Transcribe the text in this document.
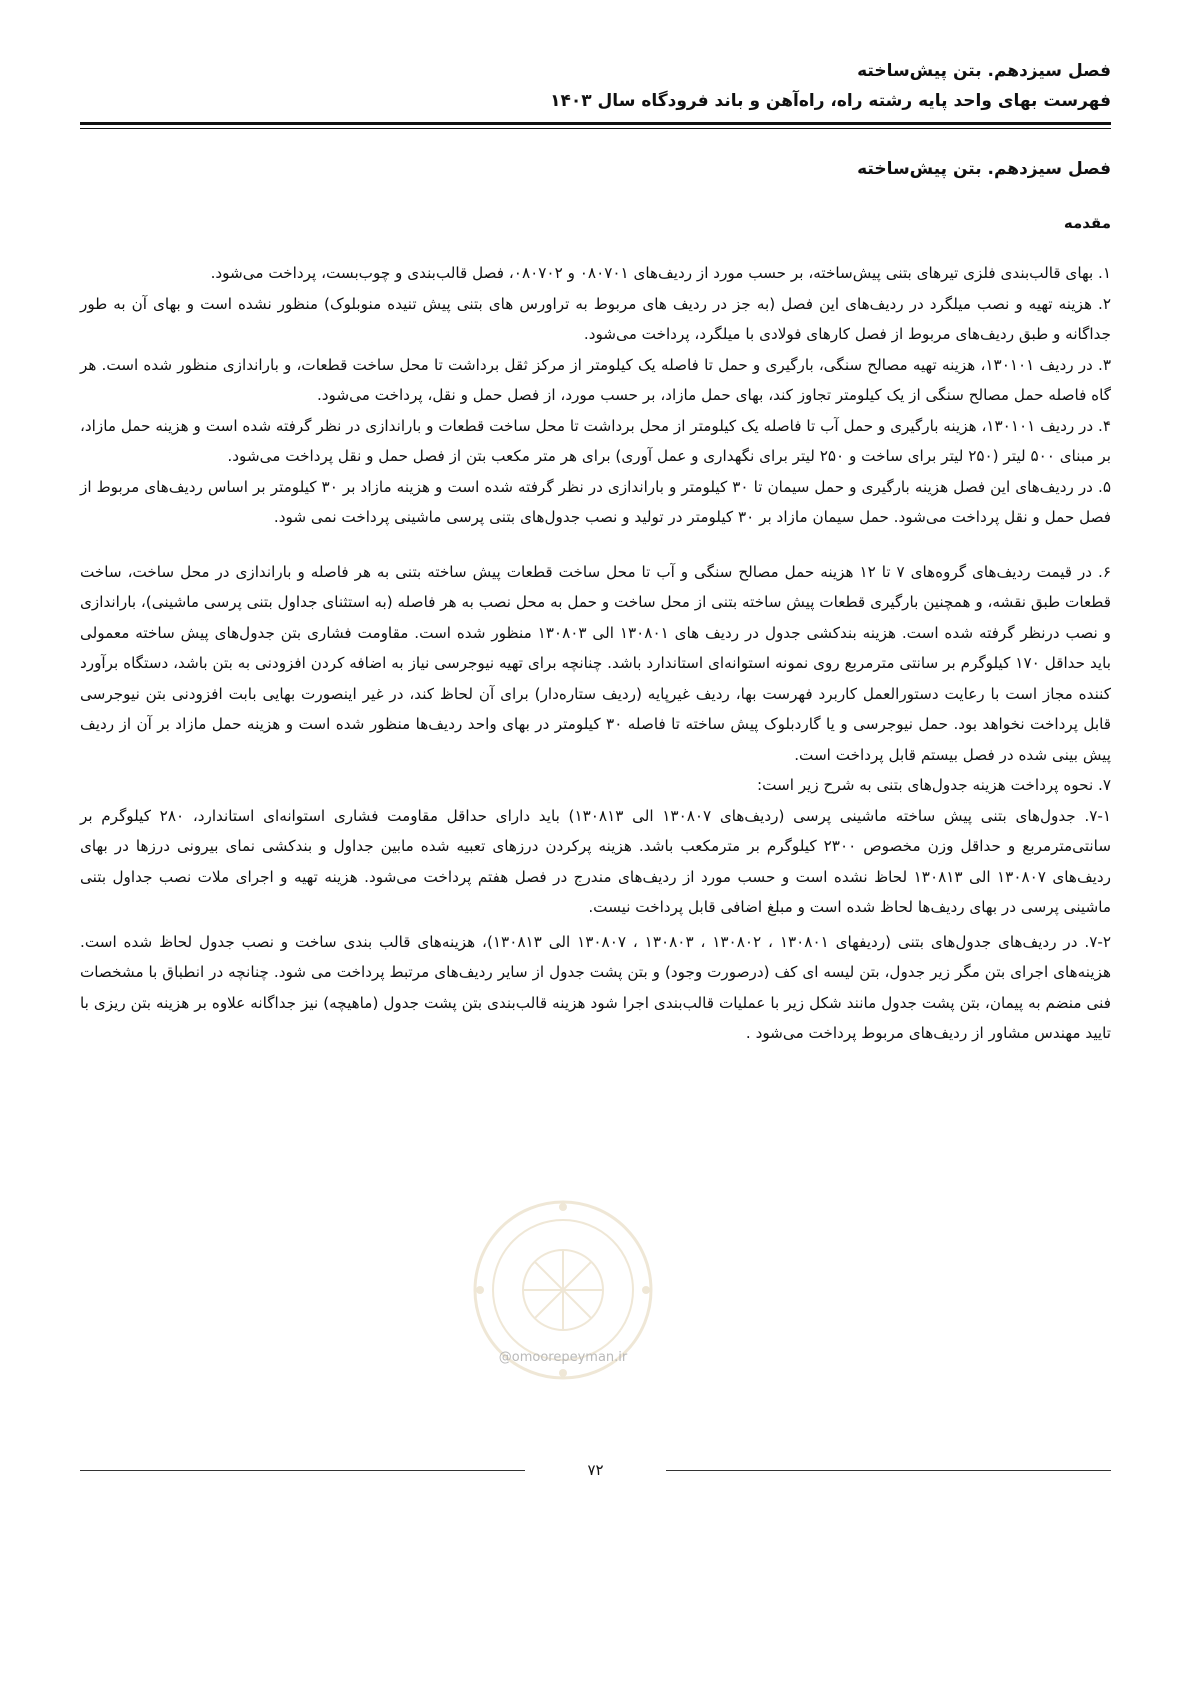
فصل سیزدهم. بتن پیش‌ساخته
فهرست بهای واحد پایه رشته راه، راه‌آهن و باند فرودگاه سال ۱۴۰۳
فصل سیزدهم. بتن پیش‌ساخته
مقدمه

۱. بهای قالب‌بندی فلزی تیرهای بتنی پیش‌ساخته، بر حسب مورد از ردیف‌های ۰۸۰۷۰۱ و ۰۸۰۷۰۲، فصل قالب‌بندی و چوب‌بست، پرداخت می‌شود.

۲. هزینه تهیه و نصب میلگرد در ردیف‌های این فصل (به جز در ردیف های مربوط به تراورس های بتنی پیش تنیده منوبلوک) منظور نشده است و بهای آن به طور جداگانه و طبق ردیف‌های مربوط از فصل کارهای فولادی با میلگرد، پرداخت می‌شود.

۳. در ردیف ۱۳۰۱۰۱، هزینه تهیه مصالح سنگی، بارگیری و حمل تا فاصله یک کیلومتر از مرکز ثقل برداشت تا محل ساخت قطعات، و باراندازی منظور شده است. هر گاه فاصله حمل مصالح سنگی از یک کیلومتر تجاوز کند، بهای حمل مازاد، بر حسب مورد، از فصل حمل و نقل، پرداخت می‌شود.

۴. در ردیف ۱۳۰۱۰۱، هزینه بارگیری و حمل آب تا فاصله یک کیلومتر از محل برداشت تا محل ساخت قطعات و باراندازی در نظر گرفته شده است و هزینه حمل مازاد، بر مبنای ۵۰۰ لیتر (۲۵۰ لیتر برای ساخت و ۲۵۰ لیتر برای نگهداری و عمل آوری) برای هر متر مکعب بتن از فصل حمل و نقل پرداخت می‌شود.

۵. در ردیف‌های این فصل هزینه بارگیری و حمل سیمان تا ۳۰ کیلومتر و باراندازی در نظر گرفته شده است و هزینه مازاد بر ۳۰ کیلومتر بر اساس ردیف‌های مربوط از فصل حمل و نقل پرداخت می‌شود. حمل سیمان مازاد بر ۳۰ کیلومتر در تولید و نصب جدول‌های بتنی پرسی ماشینی پرداخت نمی شود.

۶. در قیمت ردیف‌های گروه‌های ۷ تا ۱۲ هزینه حمل مصالح سنگی و آب تا محل ساخت قطعات پیش ساخته بتنی به هر فاصله و باراندازی در محل ساخت، ساخت قطعات طبق نقشه، و همچنین بارگیری قطعات پیش ساخته بتنی از محل ساخت و حمل به محل نصب به هر فاصله (به استثنای جداول بتنی پرسی ماشینی)، باراندازی و نصب درنظر گرفته شده است. هزینه بندکشی جدول در ردیف های ۱۳۰۸۰۱ الی ۱۳۰۸۰۳ منظور شده است. مقاومت فشاری بتن جدول‌های پیش ساخته معمولی باید حداقل ۱۷۰ کیلوگرم بر سانتی مترمربع روی نمونه استوانه‌ای استاندارد باشد. چنانچه برای تهیه نیوجرسی نیاز به اضافه کردن افزودنی به بتن باشد، دستگاه برآورد کننده مجاز است با رعایت دستورالعمل کاربرد فهرست بها، ردیف غیرپایه (ردیف ستاره‌دار) برای آن لحاظ کند، در غیر اینصورت بهایی بابت افزودنی بتن نیوجرسی قابل پرداخت نخواهد بود. حمل نیوجرسی و یا گاردبلوک پیش ساخته تا فاصله ۳۰ کیلومتر در بهای واحد ردیف‌ها منظور شده است و هزینه حمل مازاد بر آن از ردیف پیش بینی شده در فصل بیستم قابل پرداخت است.

۷. نحوه پرداخت هزینه جدول‌های بتنی به شرح زیر است:

۷-۱. جدول‌های بتنی پیش ساخته ماشینی پرسی (ردیف‌های ۱۳۰۸۰۷ الی ۱۳۰۸۱۳) باید دارای حداقل مقاومت فشاری استوانه‌ای استاندارد، ۲۸۰ کیلوگرم بر سانتی‌مترمربع و حداقل وزن مخصوص ۲۳۰۰ کیلوگرم بر مترمکعب باشد. هزینه پرکردن درزهای تعبیه شده مابین جداول و بندکشی نمای بیرونی درزها در بهای ردیف‌های ۱۳۰۸۰۷ الی ۱۳۰۸۱۳ لحاظ نشده است و حسب مورد از ردیف‌های مندرج در فصل هفتم پرداخت می‌شود. هزینه تهیه و اجرای ملات نصب جداول بتنی ماشینی پرسی در بهای ردیف‌ها لحاظ شده است و مبلغ اضافی قابل پرداخت نیست.

۷-۲. در ردیف‌های جدول‌های بتنی (ردیفهای ۱۳۰۸۰۱ ، ۱۳۰۸۰۲ ، ۱۳۰۸۰۳ ، ۱۳۰۸۰۷ الی ۱۳۰۸۱۳)، هزینه‌های قالب بندی ساخت و نصب جدول لحاظ شده است. هزینه‌های اجرای بتن مگر زیر جدول، بتن لیسه ای کف (درصورت وجود) و بتن پشت جدول از سایر ردیف‌های مرتبط پرداخت می شود. چنانچه در انطباق با مشخصات فنی منضم به پیمان، بتن پشت جدول مانند شکل زیر با عملیات قالب‌بندی اجرا شود هزینه قالب‌بندی بتن پشت جدول (ماهیچه) نیز جداگانه علاوه بر هزینه بتن ریزی با تایید مهندس مشاور از ردیف‌های مربوط پرداخت می‌شود .

@omoorepeyman.ir
۷۲
